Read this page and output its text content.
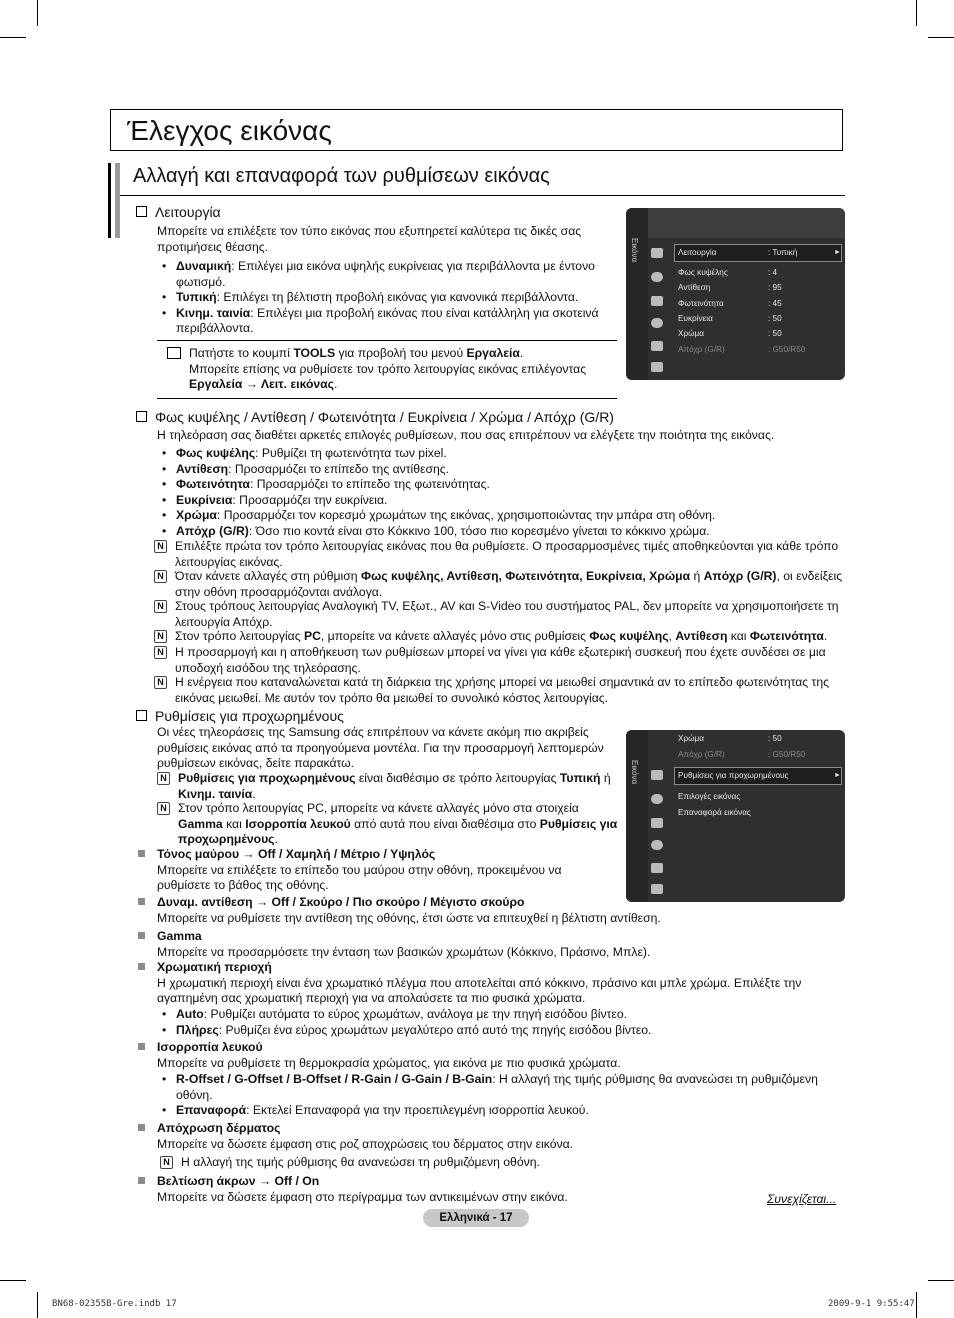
Έλεγχος εικόνας
Αλλαγή και επαναφορά των ρυθμίσεων εικόνας
Λειτουργία

Μπορείτε να επιλέξετε τον τύπο εικόνας που εξυπηρετεί καλύτερα τις δικές σας προτιμήσεις θέασης.

• Δυναμική: Επιλέγει μια εικόνα υψηλής ευκρίνειας για περιβάλλοντα με έντονο φωτισμό.
• Τυπική: Επιλέγει τη βέλτιστη προβολή εικόνας για κανονικά περιβάλλοντα.
• Κινημ. ταινία: Επιλέγει μια προβολή εικόνας που είναι κατάλληλη για σκοτεινά περιβάλλοντα.
Πατήστε το κουμπί TOOLS για προβολή του μενού Εργαλεία.
Μπορείτε επίσης να ρυθμίσετε τον τρόπο λειτουργίας εικόνας επιλέγοντας Εργαλεία → Λειτ. εικόνας.
Εικόνα	Λειτουργία	: Τυπική	►
Φως κυψέλης	: 4
Αντίθεση	: 95
Φωτεινότητα	: 45
Ευκρίνεια	: 50
Χρώμα	: 50
Απόχρ (G/R)	: G50/R50
Φως κυψέλης / Αντίθεση / Φωτεινότητα / Ευκρίνεια / Χρώμα / Απόχρ (G/R)

Η τηλεόραση σας διαθέτει αρκετές επιλογές ρυθμίσεων, που σας επιτρέπουν να ελέγξετε την ποιότητα της εικόνας.

• Φως κυψέλης: Ρυθμίζει τη φωτεινότητα των pixel.
• Αντίθεση: Προσαρμόζει το επίπεδο της αντίθεσης.
• Φωτεινότητα: Προσαρμόζει το επίπεδο της φωτεινότητας.
• Ευκρίνεια: Προσαρμόζει την ευκρίνεια.
• Χρώμα: Προσαρμόζει τον κορεσμό χρωμάτων της εικόνας, χρησιμοποιώντας την μπάρα στη οθόνη.
• Απόχρ (G/R): Όσο πιο κοντά είναι στο Κόκκινο 100, τόσο πιο κορεσμένο γίνεται το κόκκινο χρώμα.
N Επιλέξτε πρώτα τον τρόπο λειτουργίας εικόνας που θα ρυθμίσετε. Ο προσαρμοσμένες τιμές αποθηκεύονται για κάθε τρόπο λειτουργίας εικόνας.
N Όταν κάνετε αλλαγές στη ρύθμιση Φως κυψέλης, Αντίθεση, Φωτεινότητα, Ευκρίνεια, Χρώμα ή Απόχρ (G/R), οι ενδείξεις στην οθόνη προσαρμόζονται ανάλογα.
N Στους τρόπους λειτουργίας Αναλογική TV, Εξωτ., AV και S-Video του συστήματος PAL, δεν μπορείτε να χρησιμοποιήσετε τη λειτουργία Απόχρ.
N Στον τρόπο λειτουργίας PC, μπορείτε να κάνετε αλλαγές μόνο στις ρυθμίσεις Φως κυψέλης, Αντίθεση και Φωτεινότητα.
N Η προσαρμογή και η αποθήκευση των ρυθμίσεων μπορεί να γίνει για κάθε εξωτερική συσκευή που έχετε συνδέσει σε μια υποδοχή εισόδου της τηλεόρασης.
N Η ενέργεια που καταναλώνεται κατά τη διάρκεια της χρήσης μπορεί να μειωθεί σημαντικά αν το επίπεδο φωτεινότητας της εικόνας μειωθεί. Με αυτόν τον τρόπο θα μειωθεί το συνολικό κόστος λειτουργίας.
Ρυθμίσεις για προχωρημένους

Οι νέες τηλεοράσεις της Samsung σάς επιτρέπουν να κάνετε ακόμη πιο ακριβείς ρυθμίσεις εικόνας από τα προηγούμενα μοντέλα. Για την προσαρμογή λεπτομερών ρυθμίσεων εικόνας, δείτε παρακάτω.

N Ρυθμίσεις για προχωρημένους είναι διαθέσιμο σε τρόπο λειτουργίας Τυπική ή Κινημ. ταινία.
N Στον τρόπο λειτουργίας PC, μπορείτε να κάνετε αλλαγές μόνο στα στοιχεία Gamma και Ισορροπία λευκού από αυτά που είναι διαθέσιμα στο Ρυθμίσεις για προχωρημένους.
Τόνος μαύρου → Off / Χαμηλή / Μέτριο / Υψηλός
Μπορείτε να επιλέξετε το επίπεδο του μαύρου στην οθόνη, προκειμένου να ρυθμίσετε το βάθος της οθόνης.
Δυναμ. αντίθεση → Off / Σκούρο / Πιο σκούρο / Μέγιστο σκούρο
Μπορείτε να ρυθμίσετε την αντίθεση της οθόνης, έτσι ώστε να επιτευχθεί η βέλτιστη αντίθεση.
Gamma
Μπορείτε να προσαρμόσετε την ένταση των βασικών χρωμάτων (Κόκκινο, Πράσινο, Μπλε).
Χρωματική περιοχή
Η χρωματική περιοχή είναι ένα χρωματικό πλέγμα που αποτελείται από κόκκινο, πράσινο και μπλε χρώμα. Επιλέξτε την αγαπημένη σας χρωματική περιοχή για να απολαύσετε τα πιο φυσικά χρώματα.
• Auto: Ρυθμίζει αυτόματα το εύρος χρωμάτων, ανάλογα με την πηγή εισόδου βίντεο.
• Πλήρες: Ρυθμίζει ένα εύρος χρωμάτων μεγαλύτερο από αυτό της πηγής εισόδου βίντεο.
Ισορροπία λευκού
Μπορείτε να ρυθμίσετε τη θερμοκρασία χρώματος, για εικόνα με πιο φυσικά χρώματα.
• R-Offset / G-Offset / B-Offset / R-Gain / G-Gain / B-Gain: Η αλλαγή της τιμής ρύθμισης θα ανανεώσει τη ρυθμιζόμενη οθόνη.
• Επαναφορά: Εκτελεί Επαναφορά για την προεπιλεγμένη ισορροπία λευκού.
Απόχρωση δέρματος
Μπορείτε να δώσετε έμφαση στις ροζ αποχρώσεις του δέρματος στην εικόνα.
N Η αλλαγή της τιμής ρύθμισης θα ανανεώσει τη ρυθμιζόμενη οθόνη.
Βελτίωση άκρων → Off / On
Μπορείτε να δώσετε έμφαση στο περίγραμμα των αντικειμένων στην εικόνα.
Εικόνα
Χρώμα	: 50
Απόχρ (G/R)	: G50/R50
Ρυθμίσεις για προχωρημένους	►
Επιλογές εικόνας
Επαναφορά εικόνας
Συνεχίζεται...
Ελληνικά - 17
BN68-02355B-Gre.indb 17	2009-9-1 9:55:47
